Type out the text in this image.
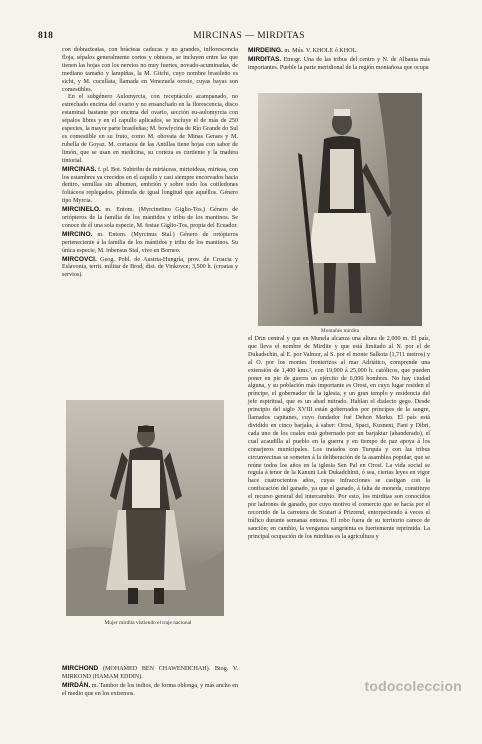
818	MIRCINAS — MIRDITAS

con dobracteatas, con brácteas caducas y no grandes, inflorescencia floja, sépalos generalmente cortos y obtusos, se incluyen entre las que tienen las hojas con los nervios no muy fuertes, novado-acuminadas, de mediano tamaño y lampiñas, la M. Gitchi, cuyo nombre brasileño es sicht, y M. cucullata, llamada en Venezuela orosie, cuyas bayas son comestibles.

En el subgénero Aulomyrcia, con receptáculo acampanado, no estrechado encima del ovario y no ensanchado en la florescencia, disco estaminal bastante por encima del ovario, sección eu-aulomyrcia con sépalos libres y en el capullo aplicados, se incluye el de más de 250 especies, la mayor parte brasileñas; M. bowlycina de Río Grande do Sul es comestible en su fruto, como M. obovata de Minas Geraes y M. rubella de Goyaz. M. coriacea de las Antillas tiene hojas con sabor de limón, que se usan en medicina, su corteza es curtiente y la madera tintorial.

MIRCINAS. f. pl. Bot. Subtribu de mirtáceas, mirtoideas, mirteas, con los estambres ya crecidos en el capullo y casi siempre encorvados hacia dentro, semillas sin albumen, embrión y sobre todo los cotiledones foliáceos replegados, plúmula de igual longitud que aquéllos. Género tipo Myrcia.

MIRCINELO. m. Entom. (Myrcinetino Giglio-Tos.) Género de ortópteros de la familia de los mántidos y tribu de los mantinos. Se conoce de él una sola especie, M. festae Giglio-Tos, propia del Ecuador.

MIRCINO. m. Entom. (Myrcinus Stal.) Género de ortópteros perteneciente á la familia de los mántidos y tribu de los mantinos. Su única especie, M. inbensus Stal, vive en Borneo.

MIRCOVCI. Geog. Pobl. de Austria-Hungría, prov. de Croacia y Eslavonia, territ. militar de Brod, dist. de Vinkovce; 3,500 h. (croatas y servios).

Mujer mirdita vistiendo el traje nacional

MIRCHOND (MOHAMED BEN CHAWENDCHAH). Biog. V. MIRKOND (HAMAM EDDIN).

MIRDÁN. m. Tambor de los indios, de forma oblonga, y más ancho en el medio que en los extremos.

MIRDEING. m. Mús. V. KHOLE ó KHOL.

MIRDITAS. Etnogr. Una de las tribus del centro y N. de Albania más importantes. Pueble la parte meridional de la región montañosa que ocupa

Montañés mirdita

el Drin central y que en Munela alcanza una altura de 2,000 m. El país, que lleva el nombre de Mirdite y que está limitado al N. por el de Dukadschin, al E. por Valmor, al S. por el monte Salkota (1,711 metros) y al O. por los montes fronterizos al mar Adriático, comprende una extensión de 1,400 kms.², con 19,000 á 25,000 h. católicos, que pueden poner en pie de guerra un ejército de 6,000 hombres. No hay ciudad alguna, y su población más importante es Orosi, en cuyo lugar residen el príncipe, el gobernador de la iglesia, y un gran templo y residencia del jefe espiritual, que es un abad mitrado. Hablan el dialecto gego. Desde principio del siglo XVIII están gobernados por príncipes de la sangre, llamados capitanes, cuyo fundador fué Dehon Marku. El país está dividido en cinco barjaks, á saber: Orosi, Spaci, Kusneni, Fani y Dibri, cada uno de los cuales está gobernado por un barjaktar (abanderado), el cual acaudilla al pueblo en la guerra y en tiempo de paz apoya á los consejeros municipales. Los tratados con Turquía y con las tribus circunvecinas se someten á la deliberación de la asamblea popular, que se reúne todos los años en la iglesia Sen Pal en Orosi. La vida social se regula á tenor de la Kanuni Lek Dukadchinit, ó sea, ciertas leyes en vigor hace cuatrocientos años, cuyas infracciones se castigan con la confiscación del ganado, ya que el ganado, á falta de moneda, constituye el recurso general del intercambio. Por esto, los mirditas son conocidos por ladrones de ganado, por cuyo motivo el comercio que se hacía por el recorrido de la carretera de Scutari á Prizrend, entorpeciendo á veces el tráfico durante semanas enteras. El robo fuera de su territorio carece de sanción; en cambio, la venganza sangrienta es fuertemente reprimida. La principal ocupación de los mirditas es la agricultura y

todocoleccion
